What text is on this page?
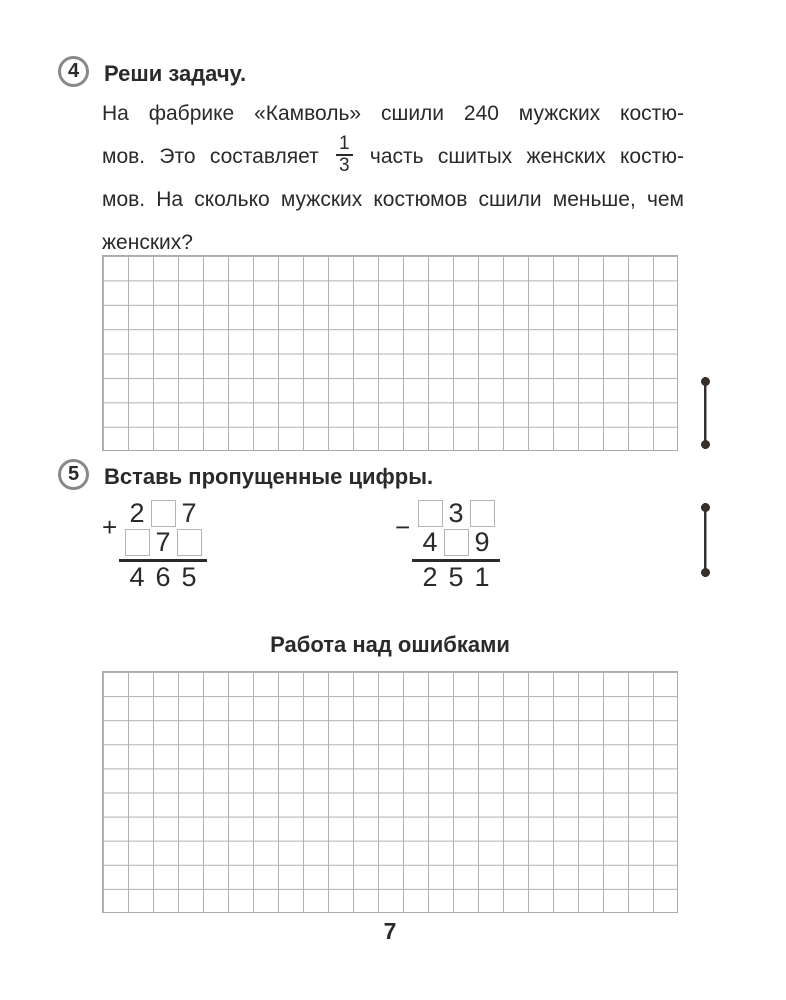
4 Реши задачу.
На фабрике «Камволь» сшили 240 мужских костю-
мов. Это составляет $\frac{1}{3}$ часть сшитых женских костю-
мов. На сколько мужских костюмов сшили меньше, чем
женских?
5 Вставь пропущенные цифры.
+ 2 7
7
4 6 5
− 3
4 9
2 5 1
Работа над ошибками
7
